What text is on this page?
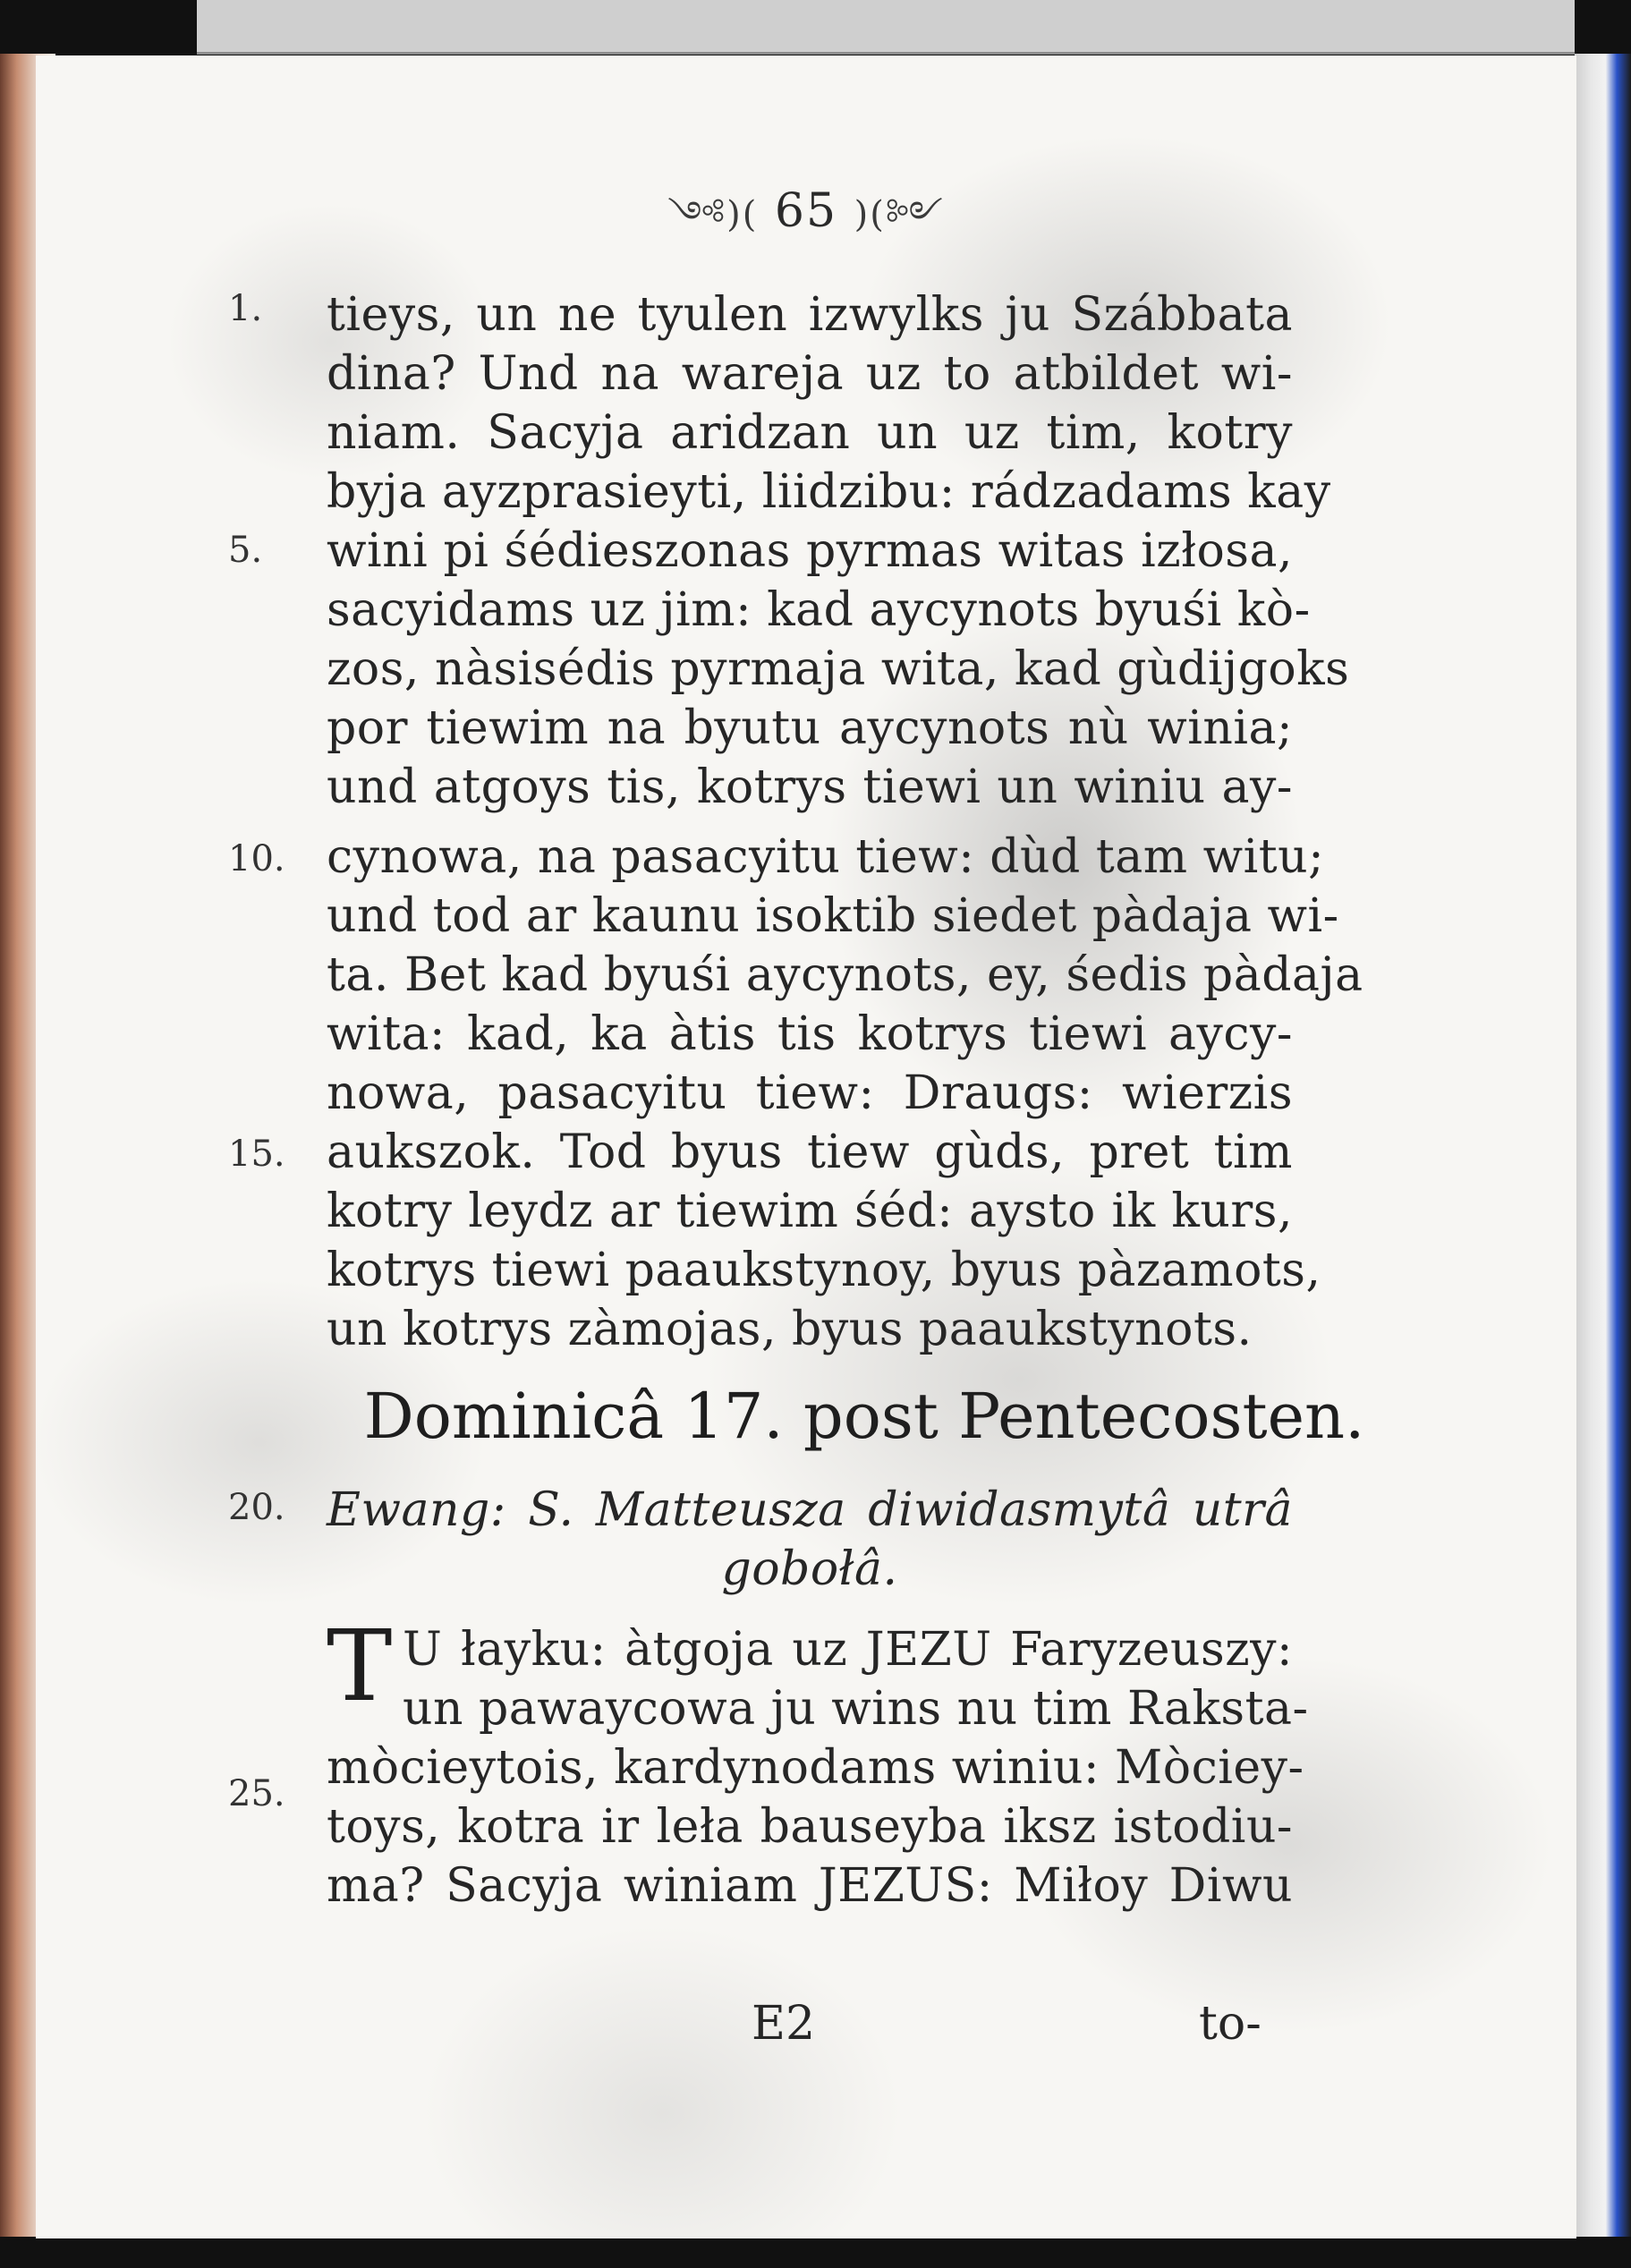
༺)( 65 )(༻
1.
5.
10.
15.
20.
25.
tieys, un ne tyulen izwylks ju Szábbata
dina? Und na wareja uz to atbildet wi-
niam. Sacyja aridzan un uz tim, kotry
byja ayzprasieyti, liidzibu: rádzadams kay
wini pi śédieszonas pyrmas witas izłosa,
sacyidams uz jim: kad aycynots byuśi kò-
zos, nàsisédis pyrmaja wita, kad gùdijgoks
por tiewim na byutu aycynots nù winia;
und atgoys tis, kotrys tiewi un winiu ay-
cynowa, na pasacyitu tiew: dùd tam witu;
und tod ar kaunu isoktib siedet pàdaja wi-
ta. Bet kad byuśi aycynots, ey, śedis pàdaja
wita: kad, ka àtis tis kotrys tiewi aycy-
nowa, pasacyitu tiew: Draugs: wierzis
aukszok. Tod byus tiew gùds, pret tim
kotry leydz ar tiewim śéd: aysto ik kurs,
kotrys tiewi paaukstynoy, byus pàzamots,
un kotrys zàmojas, byus paaukstynots.
Ewang: S. Matteusza diwidasmytâ utrâ
gobołâ.
U łayku: àtgoja uz JEZU Faryzeuszy:
un pawaycowa ju wins nu tim Raksta-
mòcieytois, kardynodams winiu: Mòciey-
toys, kotra ir leła bauseyba iksz istodiu-
ma? Sacyja winiam JEZUS: Miłoy Diwu
Dominicâ 17. post Pentecosten.
T
E2	to-
